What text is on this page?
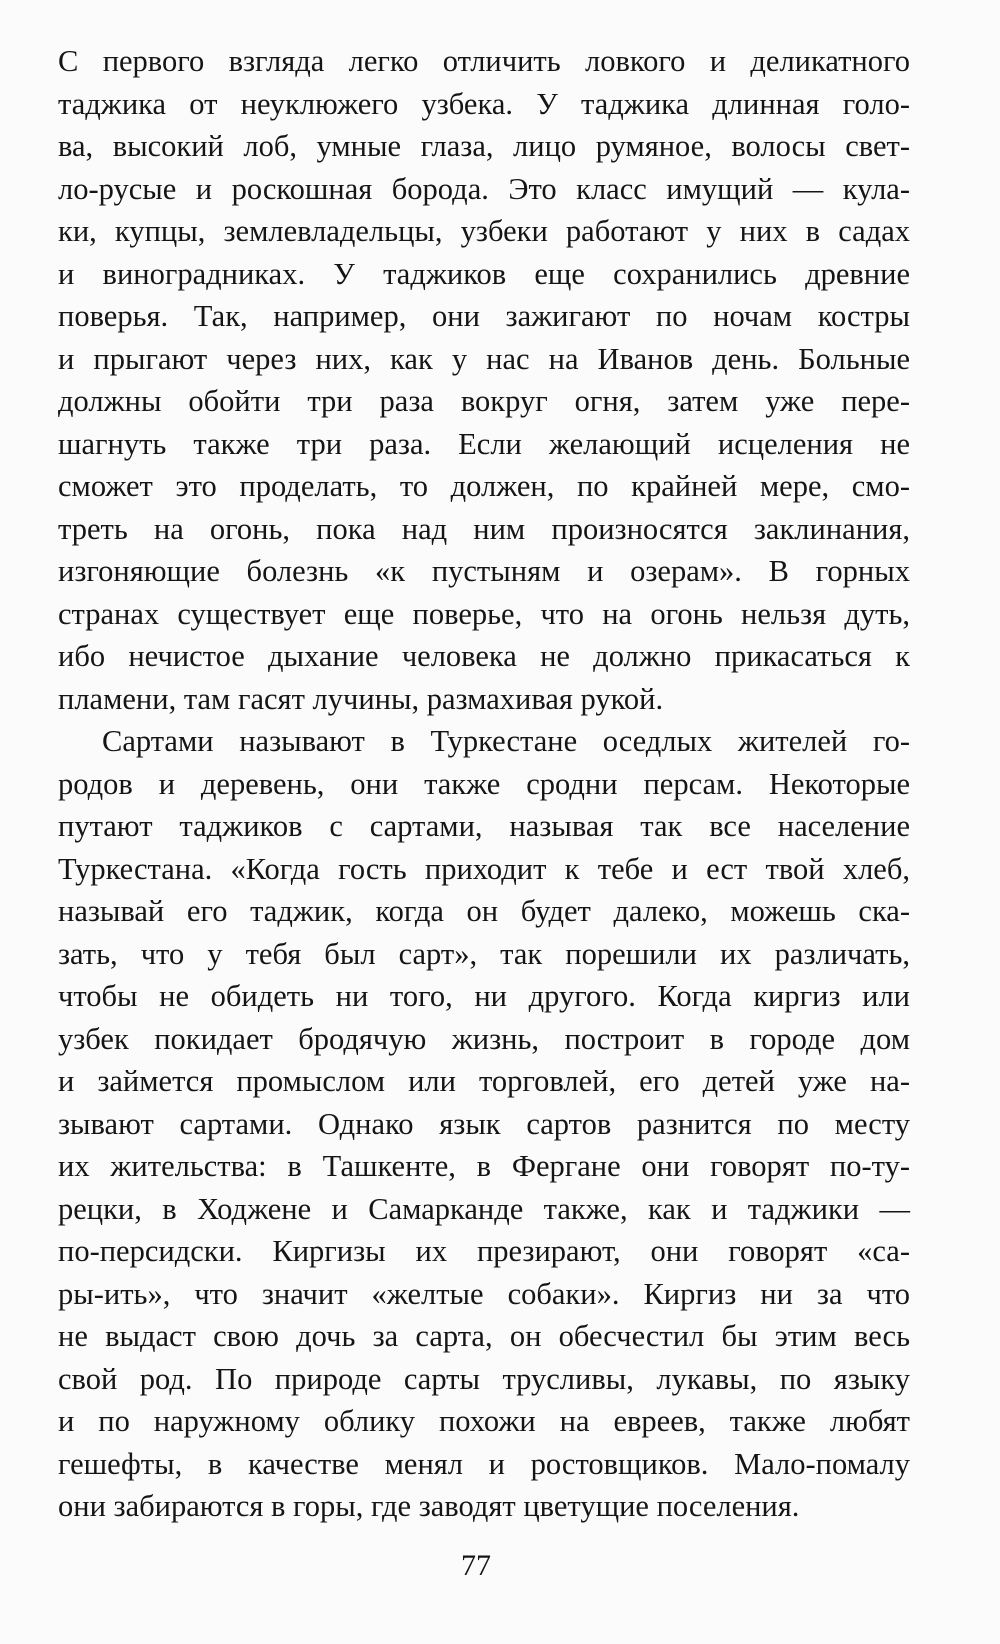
С первого взгляда легко отличить ловкого и деликатного
таджика от неуклюжего узбека. У таджика длинная голо-
ва, высокий лоб, умные глаза, лицо румяное, волосы свет-
ло-русые и роскошная борода. Это класс имущий — кула-
ки, купцы, землевладельцы, узбеки работают у них в садах
и виноградниках. У таджиков еще сохранились древние
поверья. Так, например, они зажигают по ночам костры
и прыгают через них, как у нас на Иванов день. Больные
должны обойти три раза вокруг огня, затем уже пере-
шагнуть также три раза. Если желающий исцеления не
сможет это проделать, то должен, по крайней мере, смо-
треть на огонь, пока над ним произносятся заклинания,
изгоняющие болезнь «к пустыням и озерам». В горных
странах существует еще поверье, что на огонь нельзя дуть,
ибо нечистое дыхание человека не должно прикасаться к
пламени, там гасят лучины, размахивая рукой.

Сартами называют в Туркестане оседлых жителей го-
родов и деревень, они также сродни персам. Некоторые
путают таджиков с сартами, называя так все население
Туркестана. «Когда гость приходит к тебе и ест твой хлеб,
называй его таджик, когда он будет далеко, можешь ска-
зать, что у тебя был сарт», так порешили их различать,
чтобы не обидеть ни того, ни другого. Когда киргиз или
узбек покидает бродячую жизнь, построит в городе дом
и займется промыслом или торговлей, его детей уже на-
зывают сартами. Однако язык сартов разнится по месту
их жительства: в Ташкенте, в Фергане они говорят по-ту-
рецки, в Ходжене и Самарканде также, как и таджики —
по-персидски. Киргизы их презирают, они говорят «са-
ры-ить», что значит «желтые собаки». Киргиз ни за что
не выдаст свою дочь за сарта, он обесчестил бы этим весь
свой род. По природе сарты трусливы, лукавы, по языку
и по наружному облику похожи на евреев, также любят
гешефты, в качестве менял и ростовщиков. Мало-помалу
они забираются в горы, где заводят цветущие поселения.

77
